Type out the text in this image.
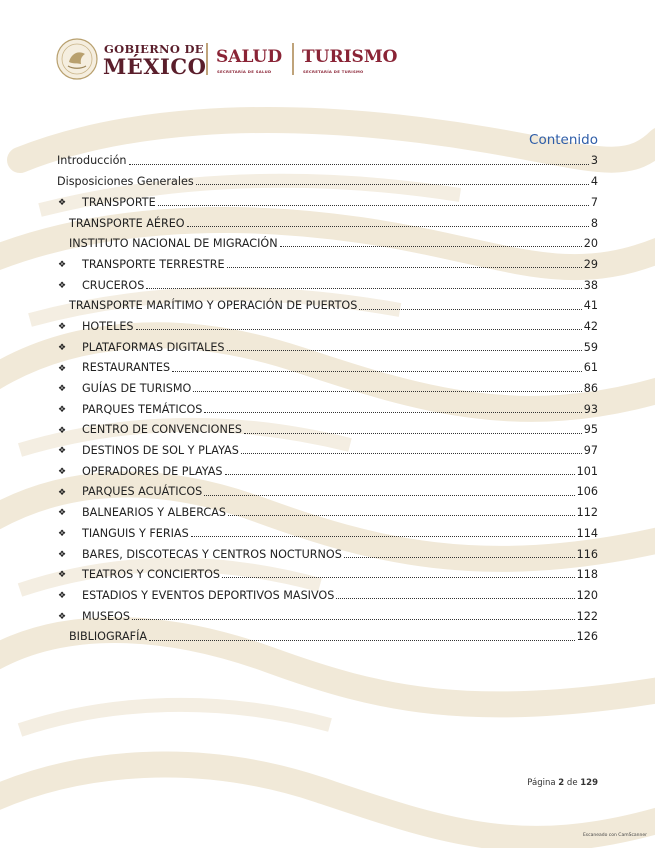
GOBIERNO DE
MÉXICO SALUD
SECRETARÍA DE SALUD
TURISMO
SECRETARÍA DE TURISMO
Contenido
Introducción	3
Disposiciones Generales	4
❖	TRANSPORTE	7
TRANSPORTE AÉREO	8
INSTITUTO NACIONAL DE MIGRACIÓN	20
❖	TRANSPORTE TERRESTRE	29
❖	CRUCEROS	38
TRANSPORTE MARÍTIMO Y OPERACIÓN DE PUERTOS	41
❖	HOTELES	42
❖	PLATAFORMAS DIGITALES	59
❖	RESTAURANTES	61
❖	GUÍAS DE TURISMO	86
❖	PARQUES TEMÁTICOS	93
❖	CENTRO DE CONVENCIONES	95
❖	DESTINOS DE SOL Y PLAYAS	97
❖	OPERADORES DE PLAYAS	101
❖	PARQUES ACUÁTICOS	106
❖	BALNEARIOS Y ALBERCAS	112
❖	TIANGUIS Y FERIAS	114
❖	BARES, DISCOTECAS Y CENTROS NOCTURNOS	116
❖	TEATROS Y CONCIERTOS	118
❖	ESTADIOS Y EVENTOS DEPORTIVOS MASIVOS	120
❖	MUSEOS	122
BIBLIOGRAFÍA	126
Página 2 de 129
Escaneado con CamScanner
